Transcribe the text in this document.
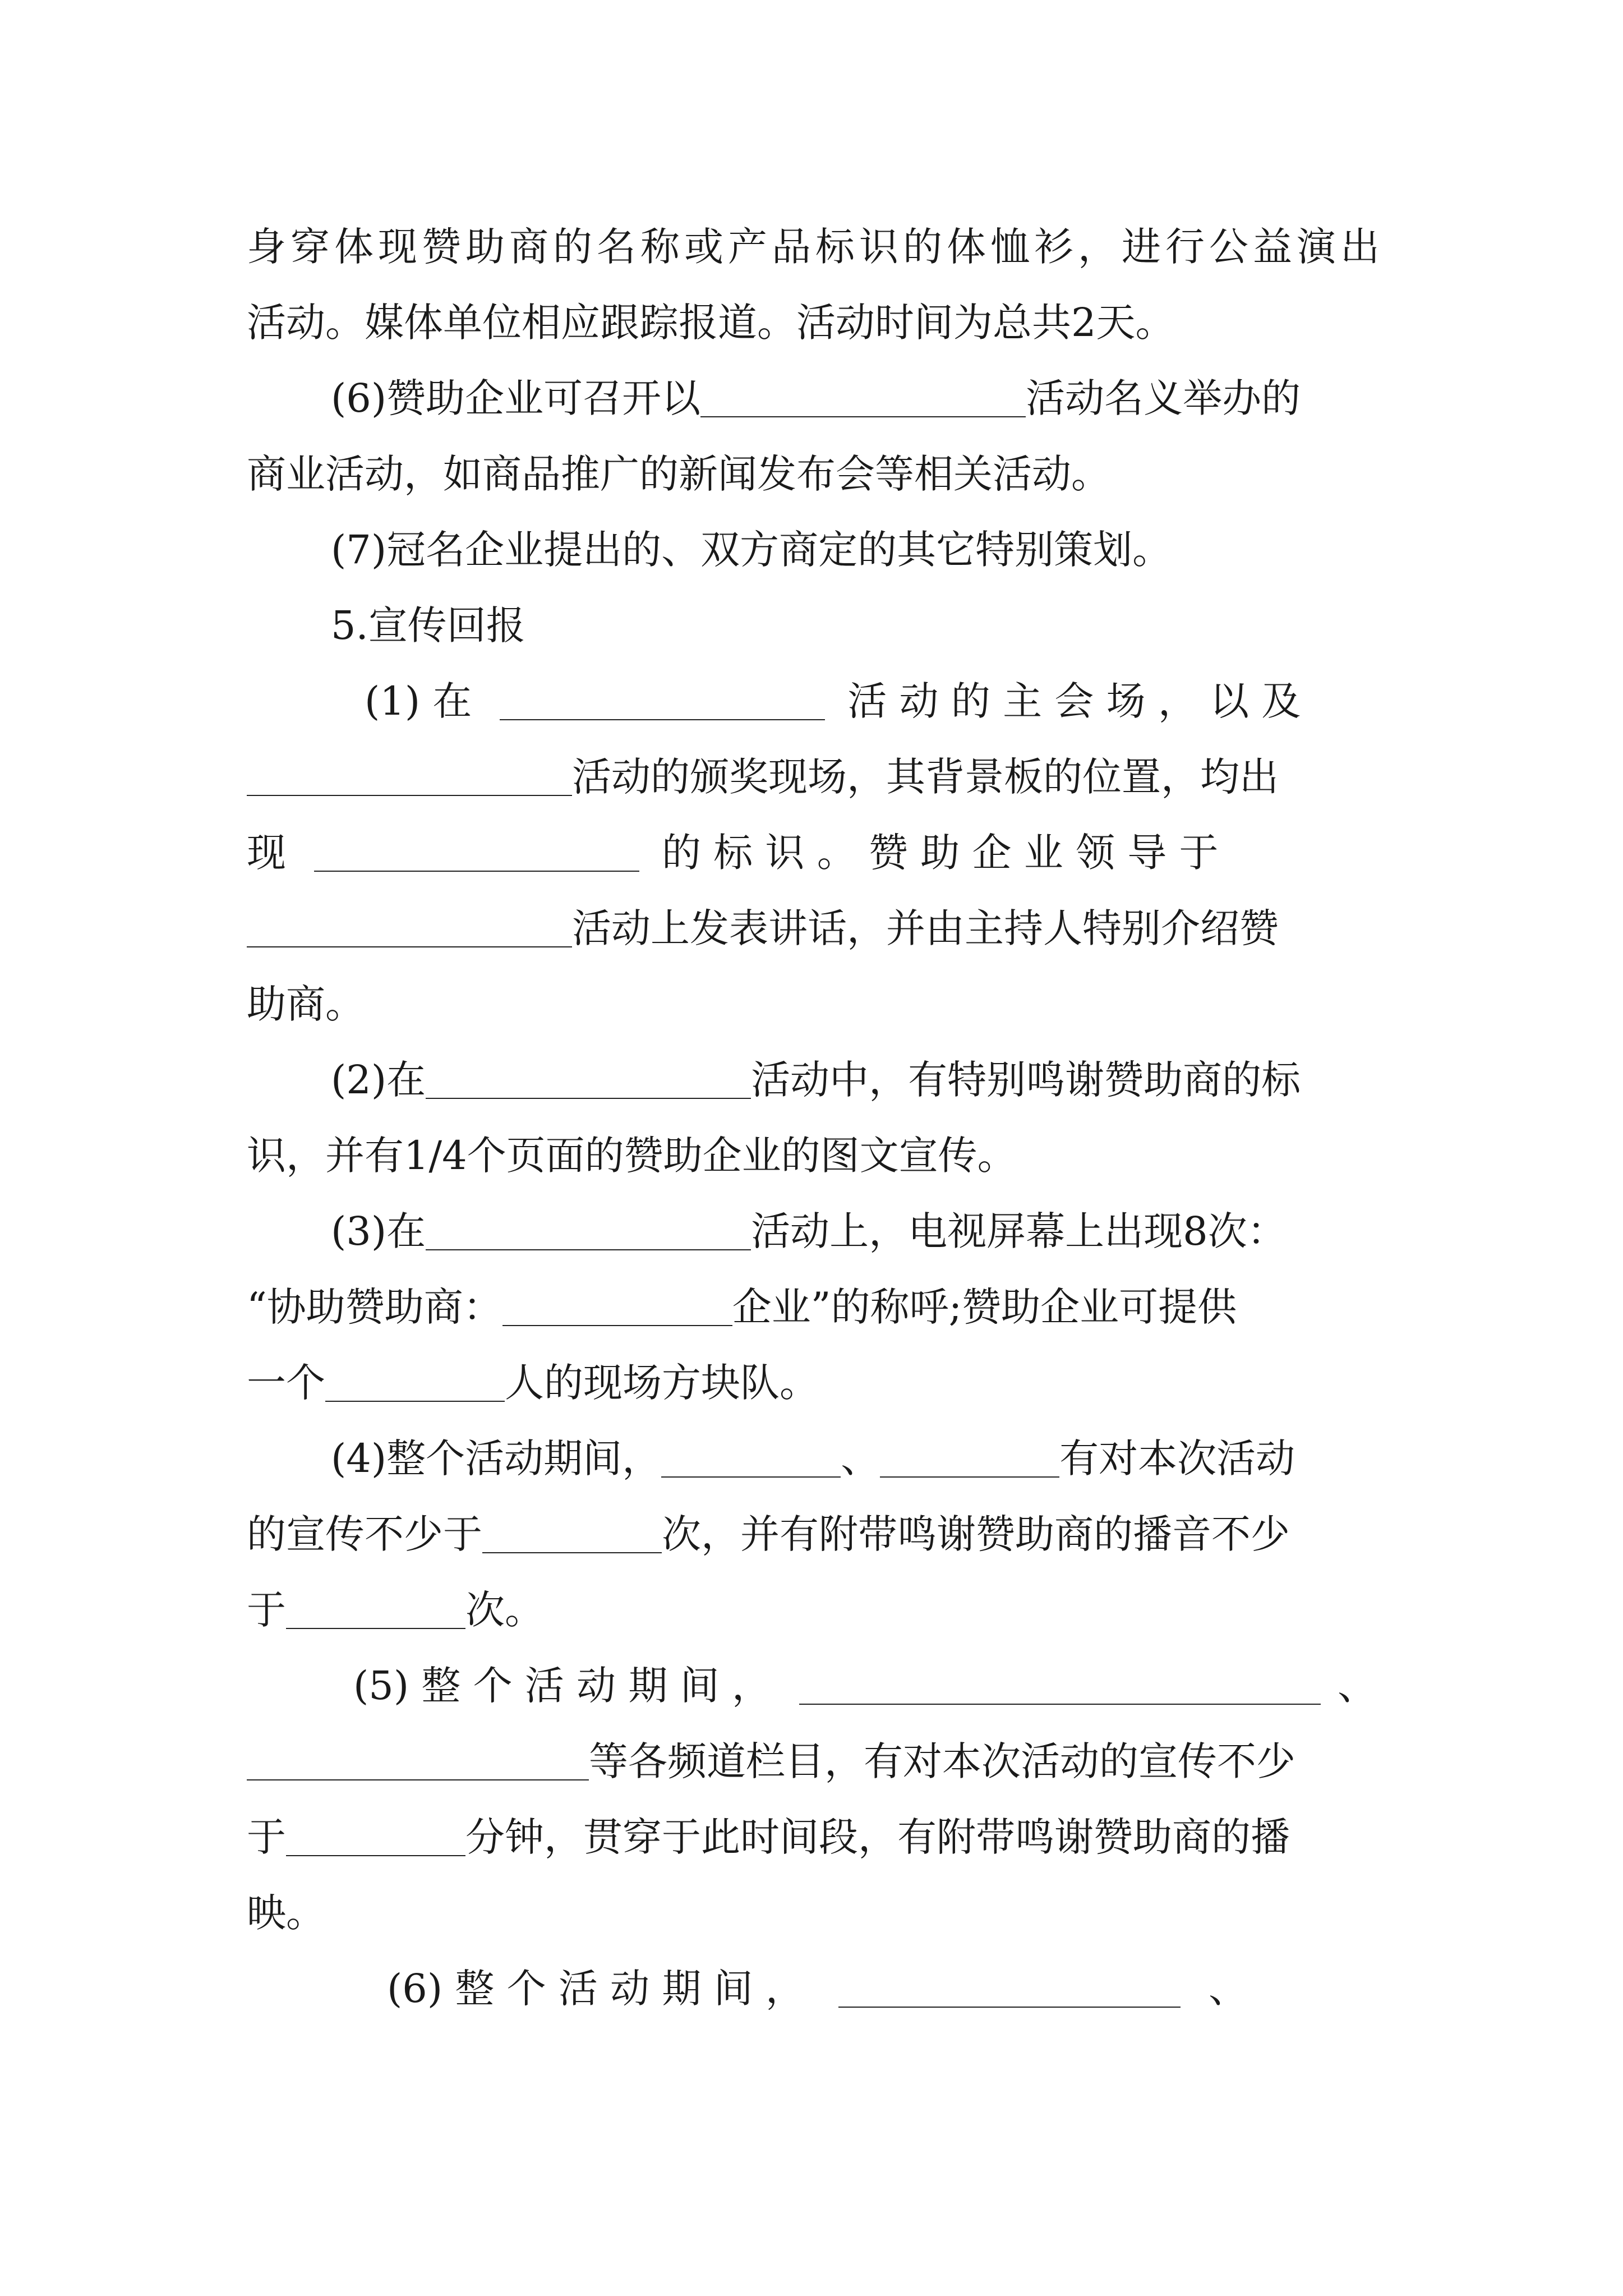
身穿体现赞助商的名称或产品标识的体恤衫，进行公益演出
活动。媒体单位相应跟踪报道。活动时间为总共2天。
(6)赞助企业可召开以	活动名义举办的
商业活动，如商品推广的新闻发布会等相关活动。
(7)冠名企业提出的、双方商定的其它特别策划。
5.宣传回报
(1) 在	活 动 的 主 会 场 ， 以 及
活动的颁奖现场，其背景板的位置，均出
现	的 标 识 。 赞 助 企 业 领 导 于
活动上发表讲话，并由主持人特别介绍赞
助商。
(2)在	活动中，有特别鸣谢赞助商的标
识，并有1/4个页面的赞助企业的图文宣传。
(3)在	活动上，电视屏幕上出现8次：
“协助赞助商：	企业”的称呼;赞助企业可提供
一个	人的现场方块队。
(4)整个活动期间，	、	有对本次活动
的宣传不少于	次，并有附带鸣谢赞助商的播音不少
于	次。
(5) 整 个 活 动 期 间 ，	、
等各频道栏目，有对本次活动的宣传不少
于	分钟，贯穿于此时间段，有附带鸣谢赞助商的播
映。
(6) 整 个 活 动 期 间 ，	、
